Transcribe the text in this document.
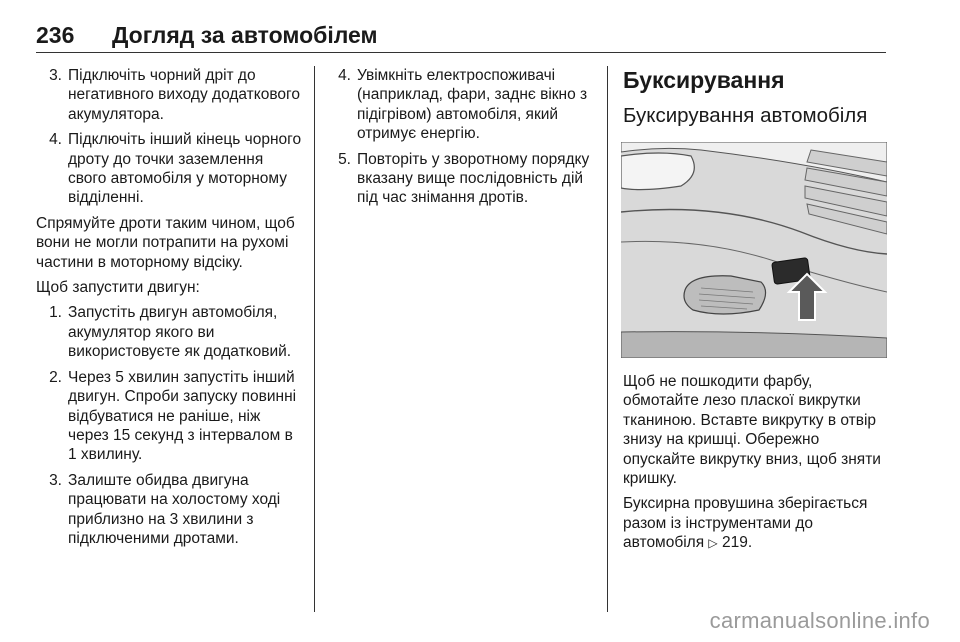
236 Догляд за автомобілем
3. Підключіть чорний дріт до негативного виходу додаткового акумулятора.
4. Підключіть інший кінець чорного дроту до точки заземлення свого автомобіля у моторному відділенні.

Спрямуйте дроти таким чином, щоб вони не могли потрапити на рухомі частини в моторному відсіку.

Щоб запустити двигун:

1. Запустіть двигун автомобіля, акумулятор якого ви використовуєте як додатковий.
2. Через 5 хвилин запустіть інший двигун. Спроби запуску повинні відбуватися не раніше, ніж через 15 секунд з інтервалом в 1 хвилину.
3. Залиште обидва двигуна працювати на холостому ході приблизно на 3 хвилини з підключеними дротами.
4. Увімкніть електроспоживачі (наприклад, фари, заднє вікно з підігрівом) автомобіля, який отримує енергію.
5. Повторіть у зворотному порядку вказану вище послідовність дій під час знімання дротів.
Буксирування
Буксирування автомобіля

Щоб не пошкодити фарбу, обмотайте лезо пласкої викрутки тканиною. Вставте викрутку в отвір знизу на кришці. Обережно опускайте викрутку вниз, щоб зняти кришку.

Буксирна провушина зберігається разом із інструментами до автомобіля ▷ 219.

carmanualsonline.info
